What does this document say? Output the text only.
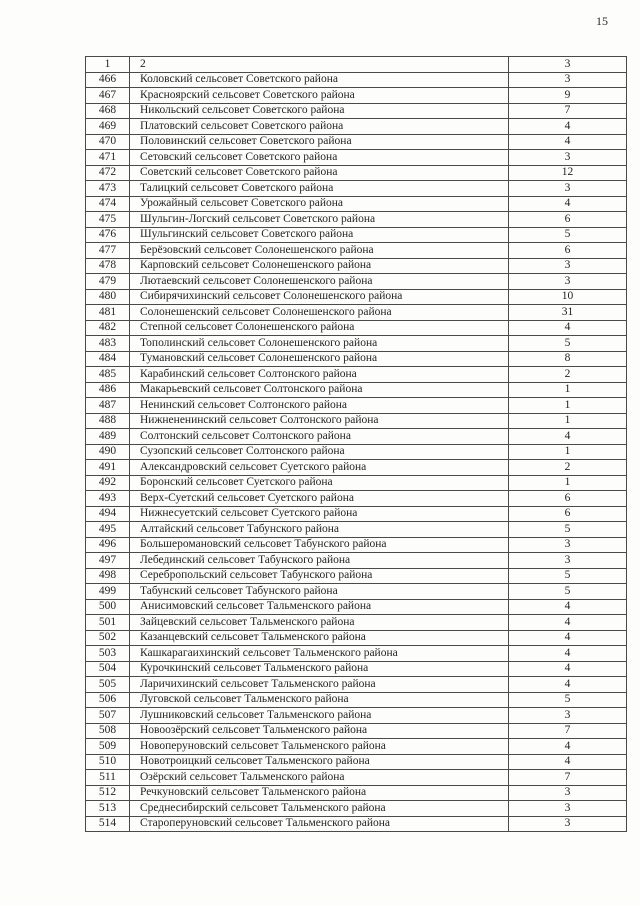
15
1	2	3
466	Коловский сельсовет Советского района	3
467	Красноярский сельсовет Советского района	9
468	Никольский сельсовет Советского района	7
469	Платовский сельсовет Советского района	4
470	Половинский сельсовет Советского района	4
471	Сетовский сельсовет Советского района	3
472	Советский сельсовет Советского района	12
473	Талицкий сельсовет Советского района	3
474	Урожайный сельсовет Советского района	4
475	Шульгин-Логский сельсовет Советского района	6
476	Шульгинский сельсовет Советского района	5
477	Берёзовский сельсовет Солонешенского района	6
478	Карповский сельсовет Солонешенского района	3
479	Лютаевский сельсовет Солонешенского района	3
480	Сибирячихинский сельсовет Солонешенского района	10
481	Солонешенский сельсовет Солонешенского района	31
482	Степной сельсовет Солонешенского района	4
483	Тополинский сельсовет Солонешенского района	5
484	Тумановский сельсовет Солонешенского района	8
485	Карабинский сельсовет Солтонского района	2
486	Макарьевский сельсовет Солтонского района	1
487	Ненинский сельсовет Солтонского района	1
488	Нижнененинский сельсовет Солтонского района	1
489	Солтонский сельсовет Солтонского района	4
490	Сузопский сельсовет Солтонского района	1
491	Александровский сельсовет Суетского района	2
492	Боронский сельсовет Суетского района	1
493	Верх-Суетский сельсовет Суетского района	6
494	Нижнесуетский сельсовет Суетского района	6
495	Алтайский сельсовет Табунского района	5
496	Большеромановский сельсовет Табунского района	3
497	Лебединский сельсовет Табунского района	3
498	Серебропольский сельсовет Табунского района	5
499	Табунский сельсовет Табунского района	5
500	Анисимовский сельсовет Тальменского района	4
501	Зайцевский сельсовет Тальменского района	4
502	Казанцевский сельсовет Тальменского района	4
503	Кашкарагаихинский сельсовет Тальменского района	4
504	Курочкинский сельсовет Тальменского района	4
505	Ларичихинский сельсовет Тальменского района	4
506	Луговской сельсовет Тальменского района	5
507	Лушниковский сельсовет Тальменского района	3
508	Новоозёрский сельсовет Тальменского района	7
509	Новоперуновский сельсовет Тальменского района	4
510	Новотроицкий сельсовет Тальменского района	4
511	Озёрский сельсовет Тальменского района	7
512	Речкуновский сельсовет Тальменского района	3
513	Среднесибирский сельсовет Тальменского района	3
514	Староперуновский сельсовет Тальменского района	3
